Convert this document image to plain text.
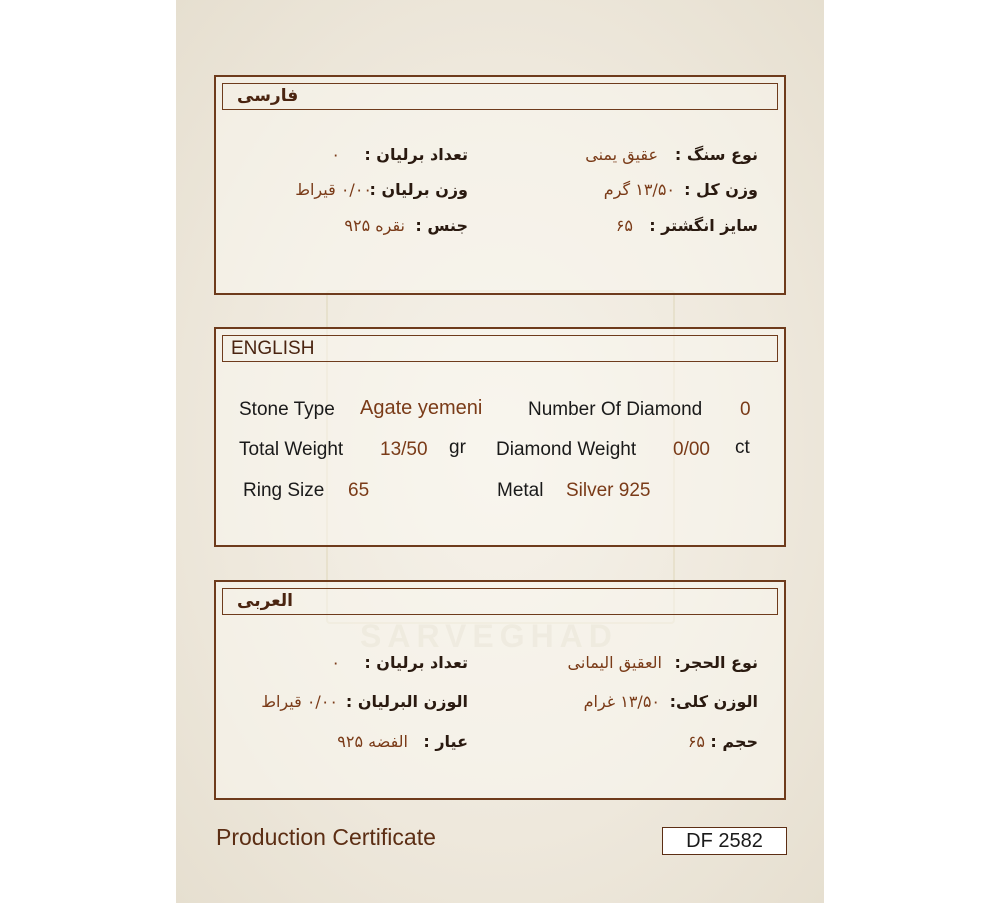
فارسی
نوع سنگ :
عقیق یمنی
وزن کل :
۱۳/۵۰ گرم
سایز انگشتر :
۶۵
تعداد برلیان :
۰
وزن برلیان :
۰/۰۰ قیراط
جنس :
نقره ۹۲۵
ENGLISH
Stone Type Agate yemeni
Total Weight 13/50 gr
Ring Size 65
Number Of Diamond 0
Diamond Weight 0/00 ct
Metal Silver 925
العربی
نوع الحجر:
العقیق الیمانی
الوزن کلی:
۱۳/۵۰ غرام
حجم :
۶۵
تعداد برلیان :
۰
الوزن البرلیان :
۰/۰۰ قیراط
عیار :
الفضه ۹۲۵
Production Certificate	DF 2582
